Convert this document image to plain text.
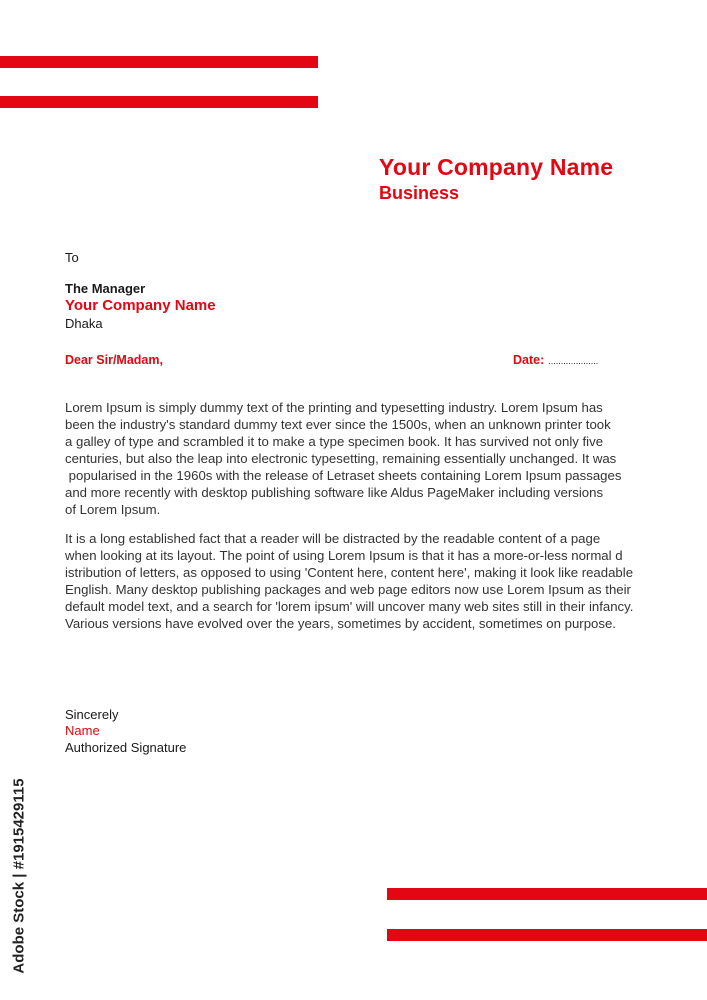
Your Company Name
Business
To
The Manager
Your Company Name
Dhaka
Dear Sir/Madam,	Date: ....................
Lorem Ipsum is simply dummy text of the printing and typesetting industry. Lorem Ipsum has
been the industry's standard dummy text ever since the 1500s, when an unknown printer took
a galley of type and scrambled it to make a type specimen book. It has survived not only five
centuries, but also the leap into electronic typesetting, remaining essentially unchanged. It was
popularised in the 1960s with the release of Letraset sheets containing Lorem Ipsum passages
and more recently with desktop publishing software like Aldus PageMaker including versions
of Lorem Ipsum.
It is a long established fact that a reader will be distracted by the readable content of a page
when looking at its layout. The point of using Lorem Ipsum is that it has a more-or-less normal d
istribution of letters, as opposed to using 'Content here, content here', making it look like readable
English. Many desktop publishing packages and web page editors now use Lorem Ipsum as their
default model text, and a search for 'lorem ipsum' will uncover many web sites still in their infancy.
Various versions have evolved over the years, sometimes by accident, sometimes on purpose.
Sincerely
Name
Authorized Signature
Adobe Stock | #1915429115
